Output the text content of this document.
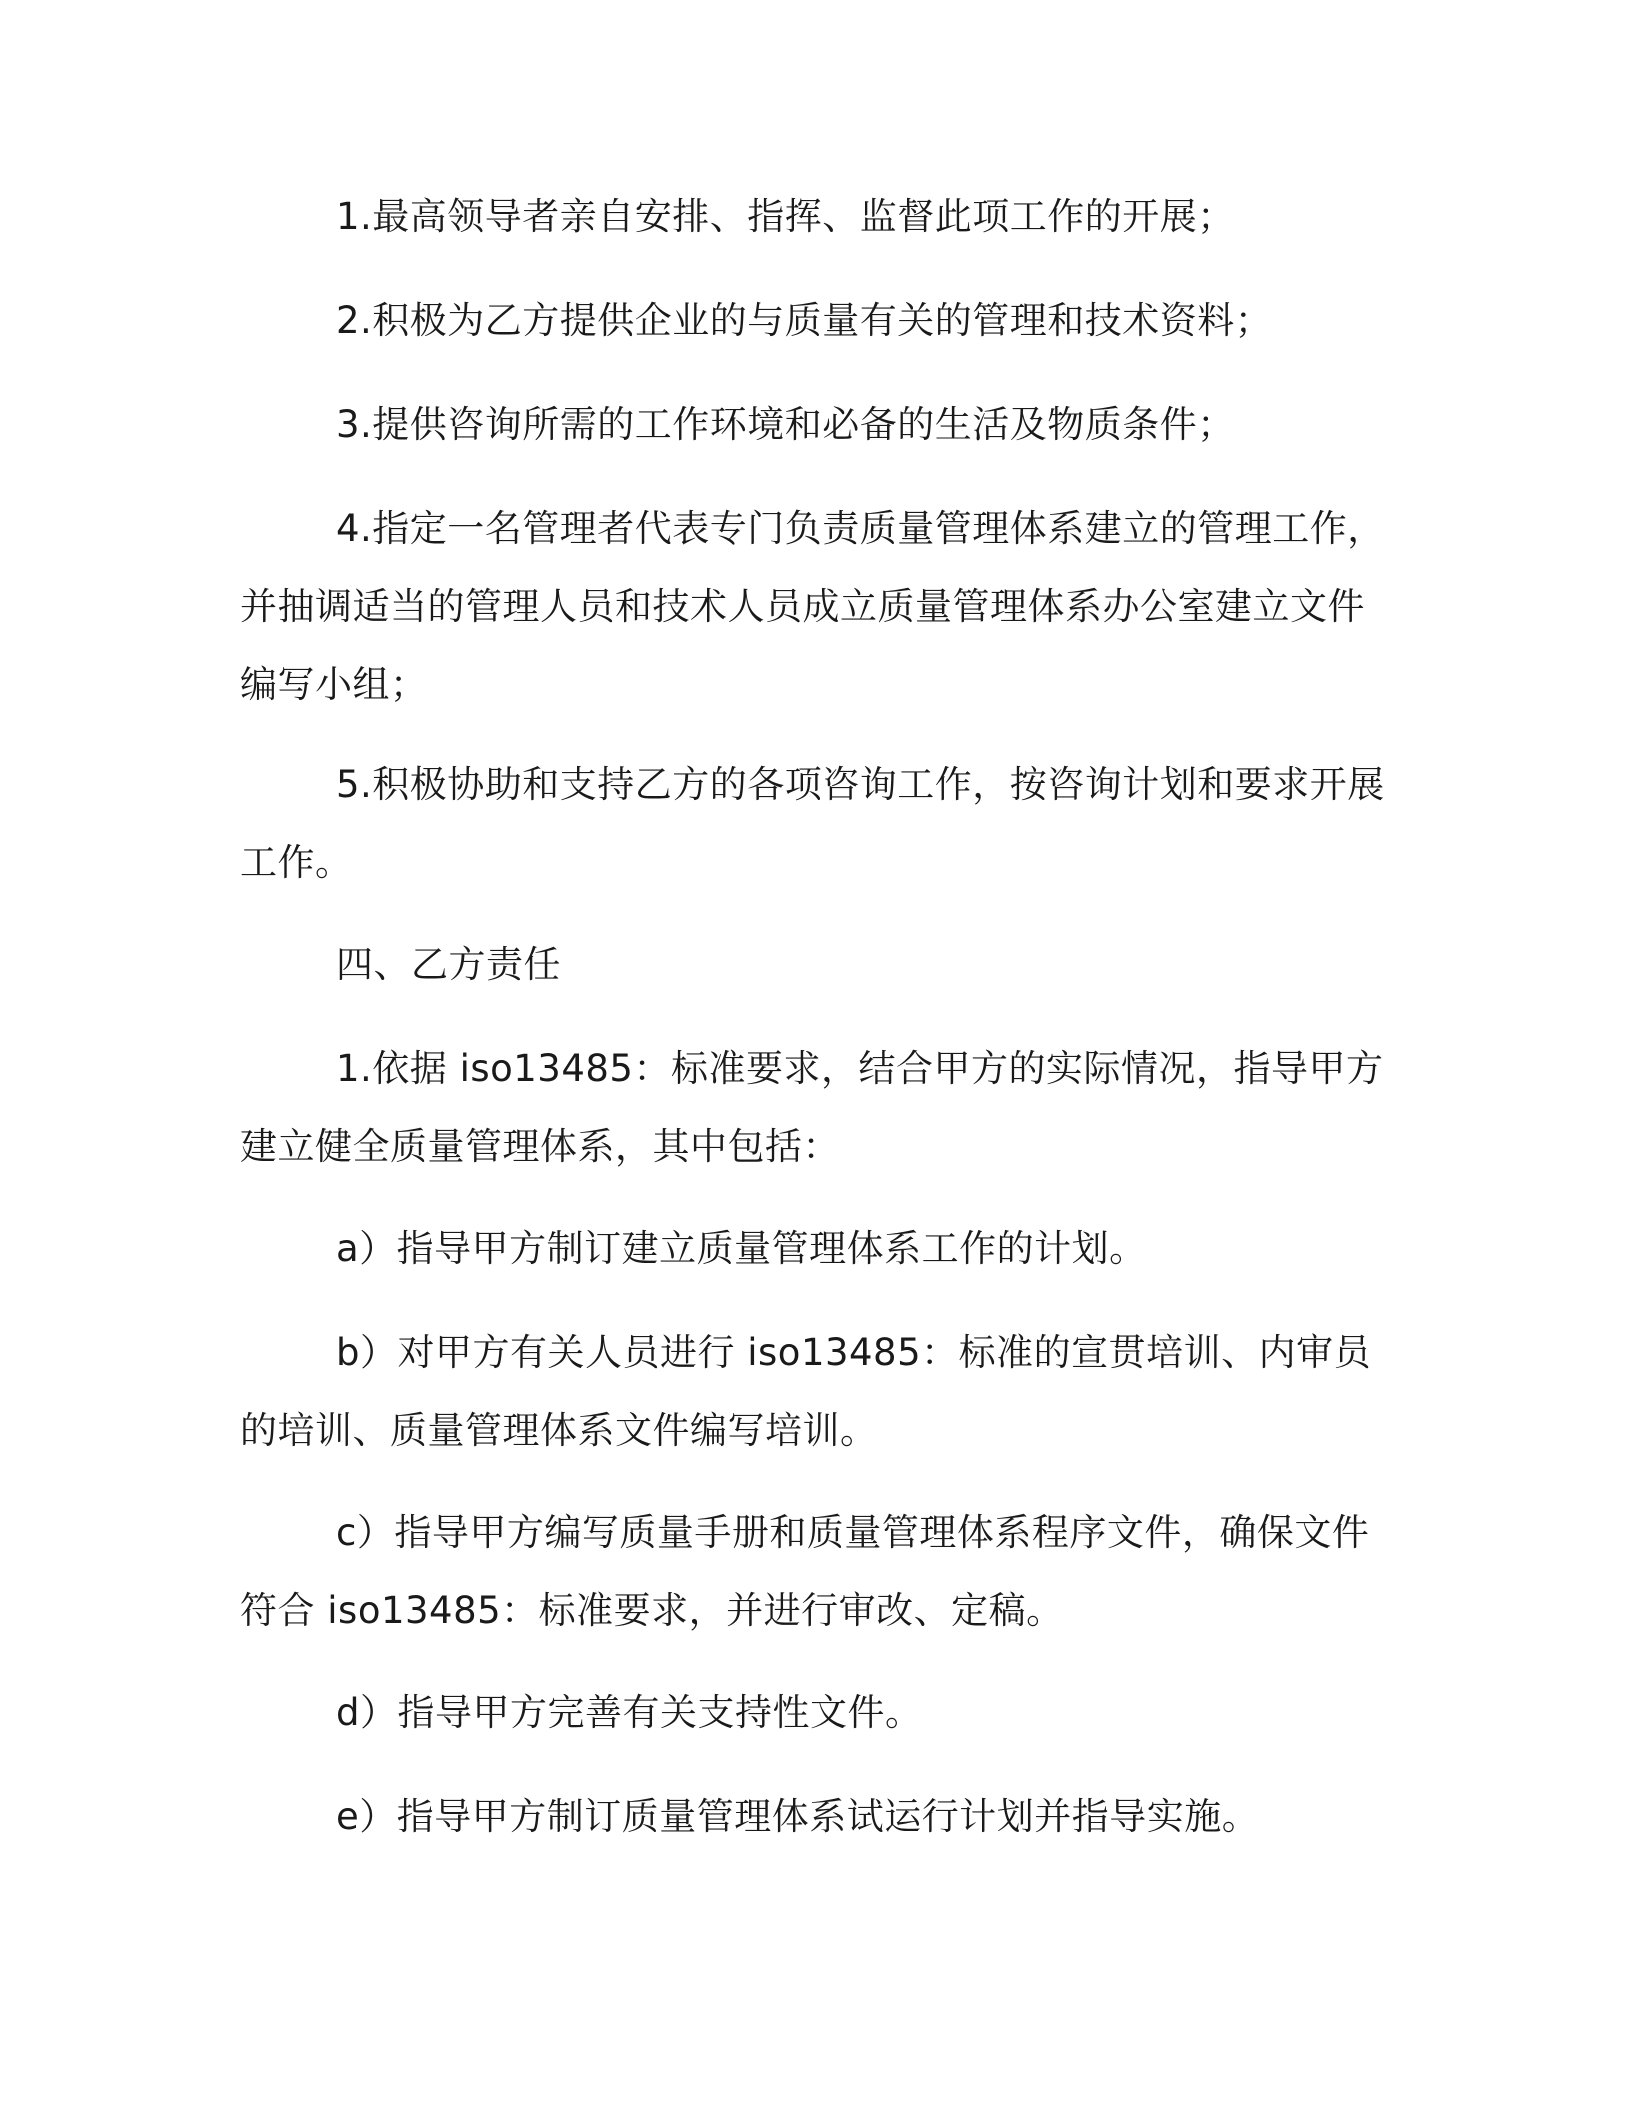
1.最高领导者亲自安排、指挥、监督此项工作的开展；

2.积极为乙方提供企业的与质量有关的管理和技术资料；

3.提供咨询所需的工作环境和必备的生活及物质条件；

4.指定一名管理者代表专门负责质量管理体系建立的管理工作，并抽调适当的管理人员和技术人员成立质量管理体系办公室建立文件编写小组；

5.积极协助和支持乙方的各项咨询工作，按咨询计划和要求开展工作。

四、乙方责任

1.依据 iso13485：标准要求，结合甲方的实际情况，指导甲方建立健全质量管理体系，其中包括：

a）指导甲方制订建立质量管理体系工作的计划。

b）对甲方有关人员进行 iso13485：标准的宣贯培训、内审员的培训、质量管理体系文件编写培训。

c）指导甲方编写质量手册和质量管理体系程序文件，确保文件符合 iso13485：标准要求，并进行审改、定稿。

d）指导甲方完善有关支持性文件。

e）指导甲方制订质量管理体系试运行计划并指导实施。
